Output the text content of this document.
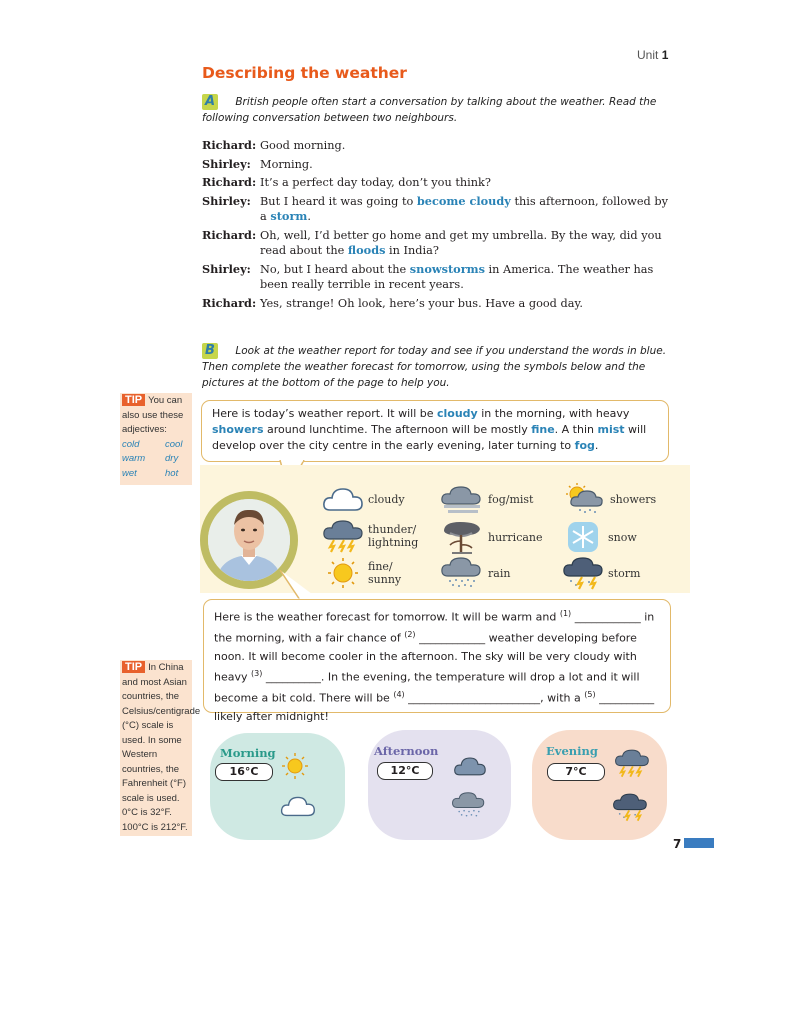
Unit 1
Describing the weather
A British people often start a conversation by talking about the weather. Read the following conversation between two neighbours.
Richard: Good morning.
Shirley: Morning.
Richard: It’s a perfect day today, don’t you think?
Shirley: But I heard it was going to become cloudy this afternoon, followed by a storm.
Richard: Oh, well, I’d better go home and get my umbrella. By the way, did you read about the floods in India?
Shirley: No, but I heard about the snowstorms in America. The weather has been really terrible in recent years.
Richard: Yes, strange! Oh look, here’s your bus. Have a good day.
B Look at the weather report for today and see if you understand the words in blue. Then complete the weather forecast for tomorrow, using the symbols below and the pictures at the bottom of the page to help you.
TIP You can also use these adjectives:
cold	cool
warm	dry
wet	hot
Here is today’s weather report. It will be cloudy in the morning, with heavy showers around lunchtime. The afternoon will be mostly fine. A thin mist will develop over the city centre in the early evening, later turning to fog.
cloudy	fog/mist	showers
thunder/
lightning	hurricane	snow
fine/
sunny	rain	storm
Here is the weather forecast for tomorrow. It will be warm and $^{(1)}$ ____________ in the morning, with a fair chance of $^{(2)}$ ____________ weather developing before noon. It will become cooler in the afternoon. The sky will be very cloudy with heavy $^{(3)}$ __________. In the evening, the temperature will drop a lot and it will become a bit cold. There will be $^{(4)}$ ________________________, with a $^{(5)}$ __________ likely after midnight!
TIP In China and most Asian countries, the Celsius/centigrade (°C) scale is used. In some Western countries, the Fahrenheit (°F) scale is used. 0°C is 32°F. 100°C is 212°F.
Morning
16°C
Afternoon
12°C
Evening
7°C
7
